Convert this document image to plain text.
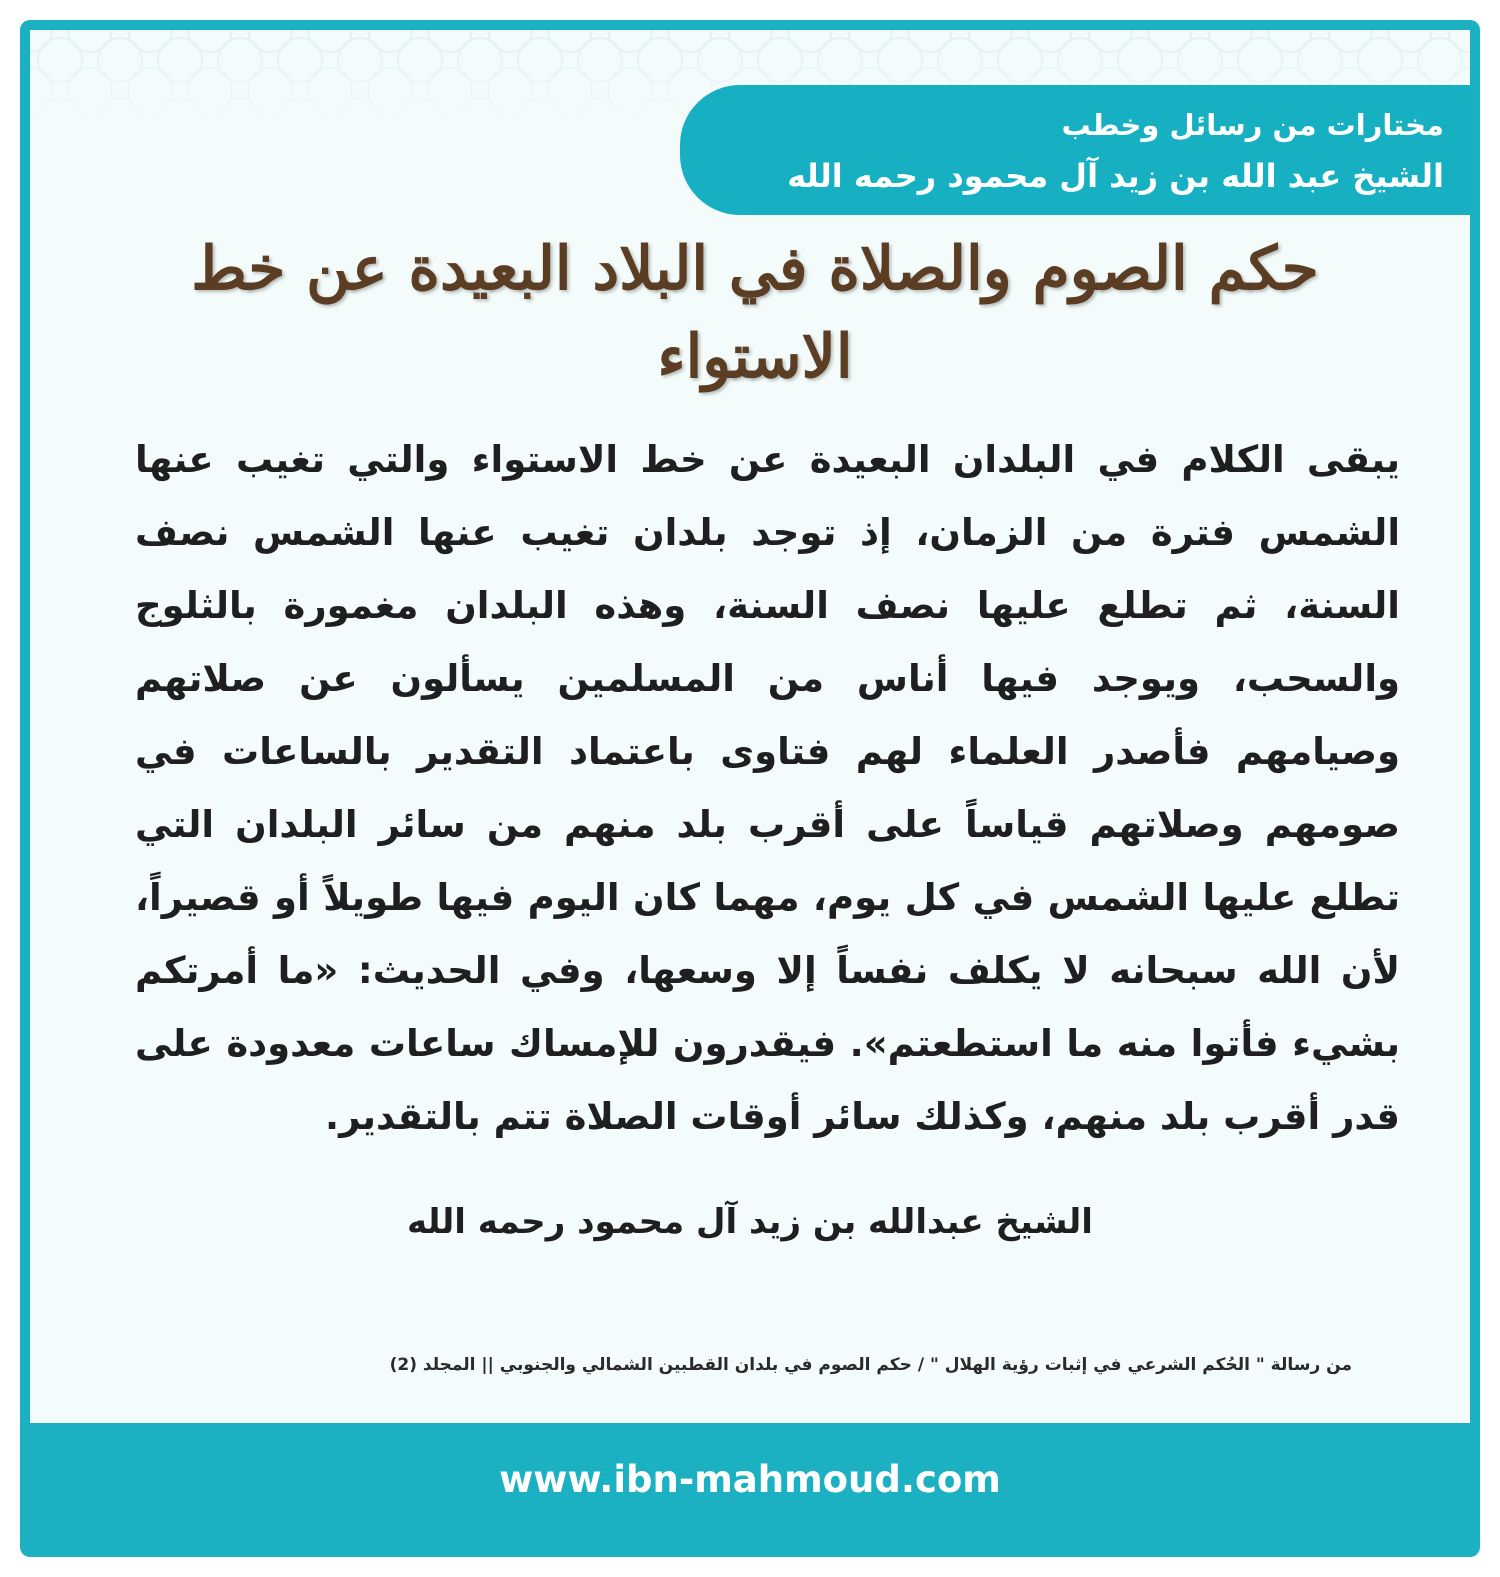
مختارات من رسائل وخطب
الشيخ عبد الله بن زيد آل محمود رحمه الله
حكم الصوم والصلاة في البلاد البعيدة عن خط الاستواء
يبقى الكلام في البلدان البعيدة عن خط الاستواء والتي تغيب عنها الشمس فترة من الزمان، إذ توجد بلدان تغيب عنها الشمس نصف السنة، ثم تطلع عليها نصف السنة، وهذه البلدان مغمورة بالثلوج والسحب، ويوجد فيها أناس من المسلمين يسألون عن صلاتهم وصيامهم فأصدر العلماء لهم فتاوى باعتماد التقدير بالساعات في صومهم وصلاتهم قياساً على أقرب بلد منهم من سائر البلدان التي تطلع عليها الشمس في كل يوم، مهما كان اليوم فيها طويلاً أو قصيراً، لأن الله سبحانه لا يكلف نفساً إلا وسعها، وفي الحديث: «ما أمرتكم بشيء فأتوا منه ما استطعتم». فيقدرون للإمساك ساعات معدودة على قدر أقرب بلد منهم، وكذلك سائر أوقات الصلاة تتم بالتقدير.
الشيخ عبدالله بن زيد آل محمود رحمه الله
من رسالة " الحُكم الشرعي في إثبات رؤية الهلال " / حكم الصوم في بلدان القطبين الشمالي والجنوبي || المجلد (2)
www.ibn-mahmoud.com
